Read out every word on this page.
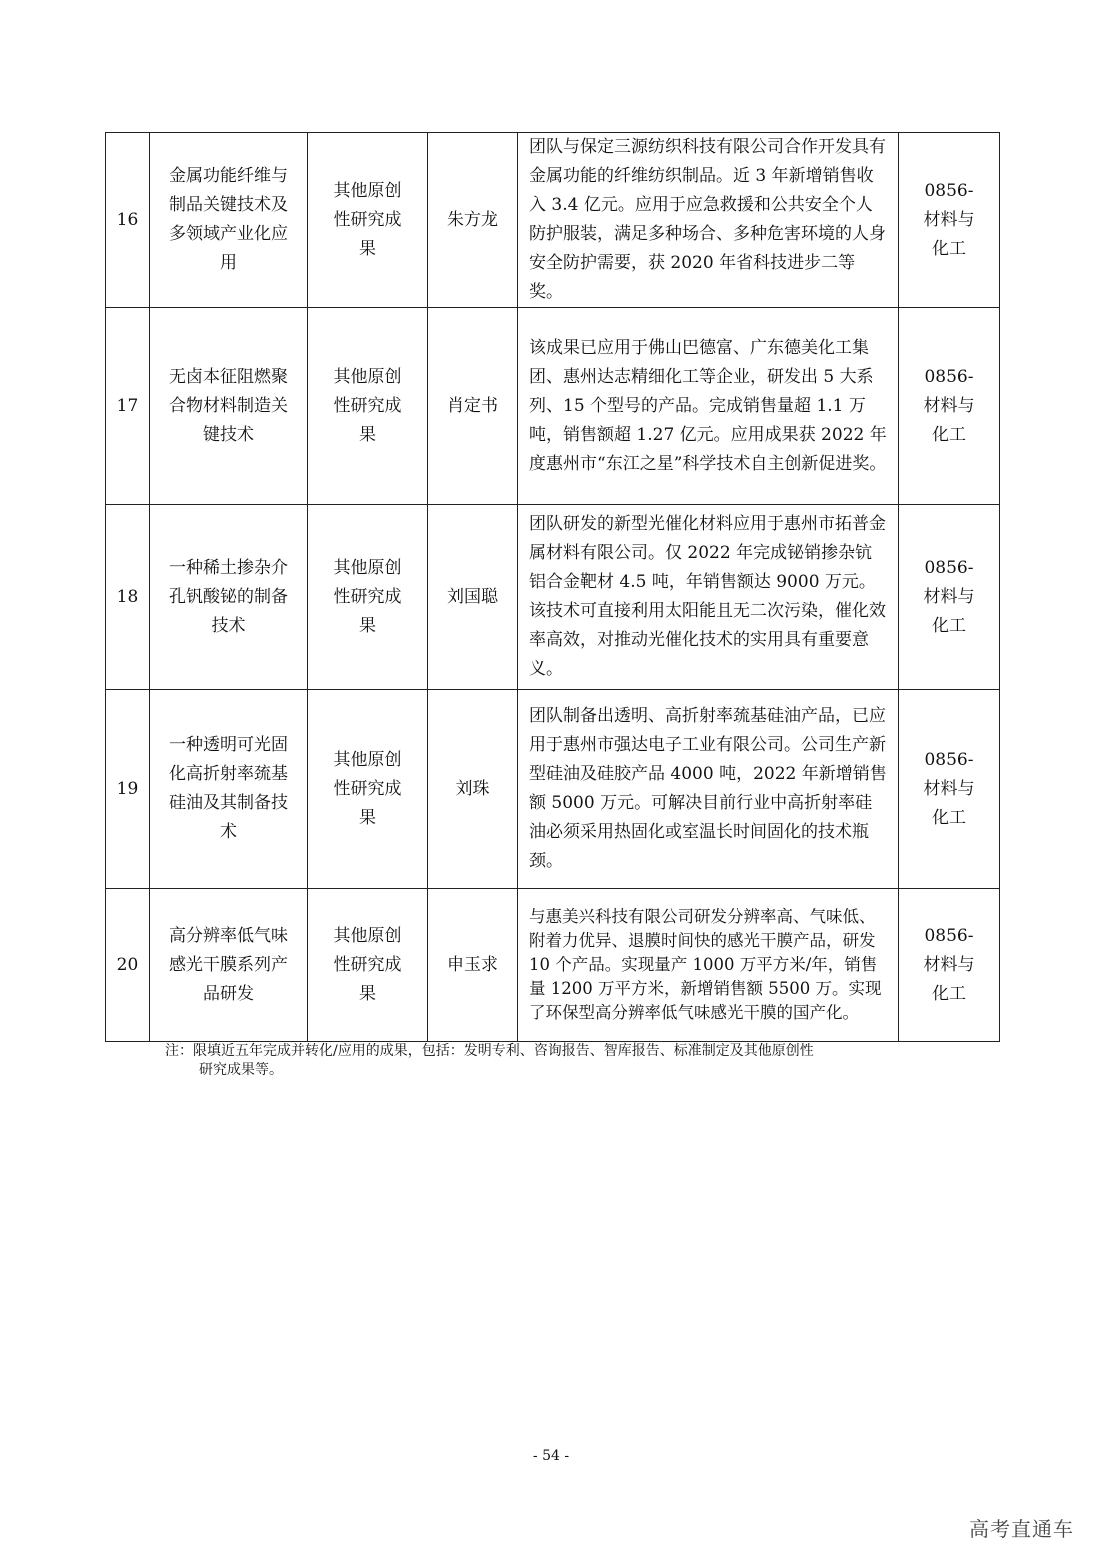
16	金属功能纤维与制品关键技术及多领域产业化应用	其他原创性研究成果	朱方龙	团队与保定三源纺织科技有限公司合作开发具有金属功能的纤维纺织制品。近 3 年新增销售收入 3.4 亿元。应用于应急救援和公共安全个人防护服装，满足多种场合、多种危害环境的人身安全防护需要，获 2020 年省科技进步二等奖。	0856-材料与化工

17	无卤本征阻燃聚合物材料制造关键技术	其他原创性研究成果	肖定书	该成果已应用于佛山巴德富、广东德美化工集团、惠州达志精细化工等企业，研发出 5 大系列、15 个型号的产品。完成销售量超 1.1 万吨，销售额超 1.27 亿元。应用成果获 2022 年度惠州市“东江之星”科学技术自主创新促进奖。	0856-材料与化工

18	一种稀土掺杂介孔钒酸铋的制备技术	其他原创性研究成果	刘国聪	团队研发的新型光催化材料应用于惠州市拓普金属材料有限公司。仅 2022 年完成铋销掺杂钪铝合金靶材 4.5 吨，年销售额达 9000 万元。该技术可直接利用太阳能且无二次污染，催化效率高效，对推动光催化技术的实用具有重要意义。	0856-材料与化工

19	一种透明可光固化高折射率巯基硅油及其制备技术	其他原创性研究成果	刘珠	团队制备出透明、高折射率巯基硅油产品，已应用于惠州市强达电子工业有限公司。公司生产新型硅油及硅胶产品 4000 吨，2022 年新增销售额 5000 万元。可解决目前行业中高折射率硅油必须采用热固化或室温长时间固化的技术瓶颈。	0856-材料与化工

20	高分辨率低气味感光干膜系列产品研发	其他原创性研究成果	申玉求	与惠美兴科技有限公司研发分辨率高、气味低、附着力优异、退膜时间快的感光干膜产品，研发 10 个产品。实现量产 1000 万平方米/年，销售量 1200 万平方米，新增销售额 5500 万。实现了环保型高分辨率低气味感光干膜的国产化。	0856-材料与化工
注：限填近五年完成并转化/应用的成果，包括：发明专利、咨询报告、智库报告、标准制定及其他原创性
研究成果等。
- 54 -
高考直通车
